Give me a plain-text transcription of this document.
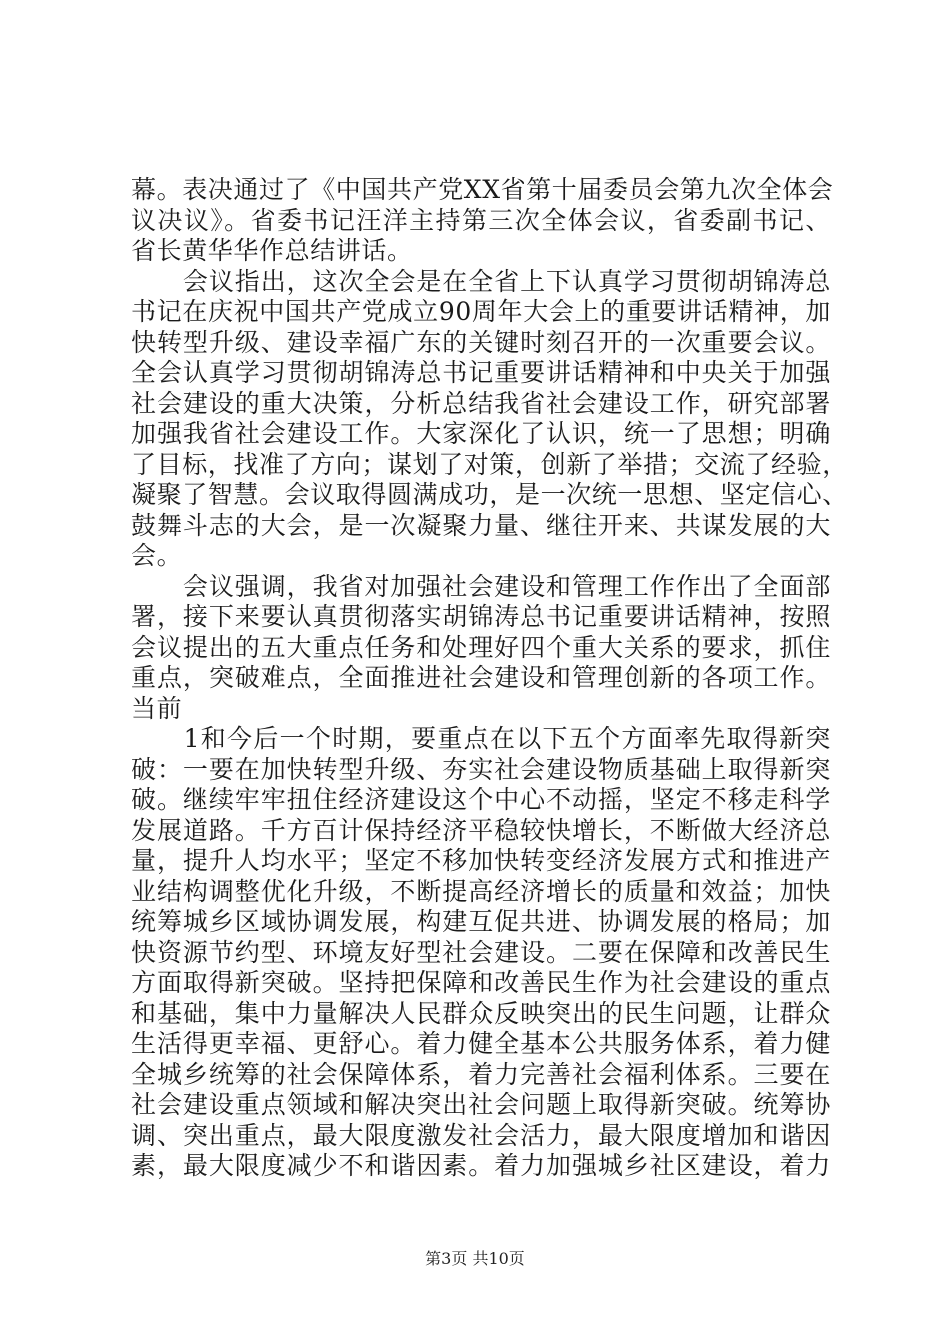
幕。表决通过了《中国共产党XX省第十届委员会第九次全体会
议决议》。省委书记汪洋主持第三次全体会议，省委副书记、
省长黄华华作总结讲话。
　　会议指出，这次全会是在全省上下认真学习贯彻胡锦涛总
书记在庆祝中国共产党成立90周年大会上的重要讲话精神，加
快转型升级、建设幸福广东的关键时刻召开的一次重要会议。
全会认真学习贯彻胡锦涛总书记重要讲话精神和中央关于加强
社会建设的重大决策，分析总结我省社会建设工作，研究部署
加强我省社会建设工作。大家深化了认识，统一了思想；明确
了目标，找准了方向；谋划了对策，创新了举措；交流了经验，
凝聚了智慧。会议取得圆满成功，是一次统一思想、坚定信心、
鼓舞斗志的大会，是一次凝聚力量、继往开来、共谋发展的大
会。
　　会议强调，我省对加强社会建设和管理工作作出了全面部
署，接下来要认真贯彻落实胡锦涛总书记重要讲话精神，按照
会议提出的五大重点任务和处理好四个重大关系的要求，抓住
重点，突破难点，全面推进社会建设和管理创新的各项工作。
当前
　　1和今后一个时期，要重点在以下五个方面率先取得新突
破：一要在加快转型升级、夯实社会建设物质基础上取得新突
破。继续牢牢扭住经济建设这个中心不动摇，坚定不移走科学
发展道路。千方百计保持经济平稳较快增长，不断做大经济总
量，提升人均水平；坚定不移加快转变经济发展方式和推进产
业结构调整优化升级，不断提高经济增长的质量和效益；加快
统筹城乡区域协调发展，构建互促共进、协调发展的格局；加
快资源节约型、环境友好型社会建设。二要在保障和改善民生
方面取得新突破。坚持把保障和改善民生作为社会建设的重点
和基础，集中力量解决人民群众反映突出的民生问题，让群众
生活得更幸福、更舒心。着力健全基本公共服务体系，着力健
全城乡统筹的社会保障体系，着力完善社会福利体系。三要在
社会建设重点领域和解决突出社会问题上取得新突破。统筹协
调、突出重点，最大限度激发社会活力，最大限度增加和谐因
素，最大限度减少不和谐因素。着力加强城乡社区建设，着力
第3页 共10页
